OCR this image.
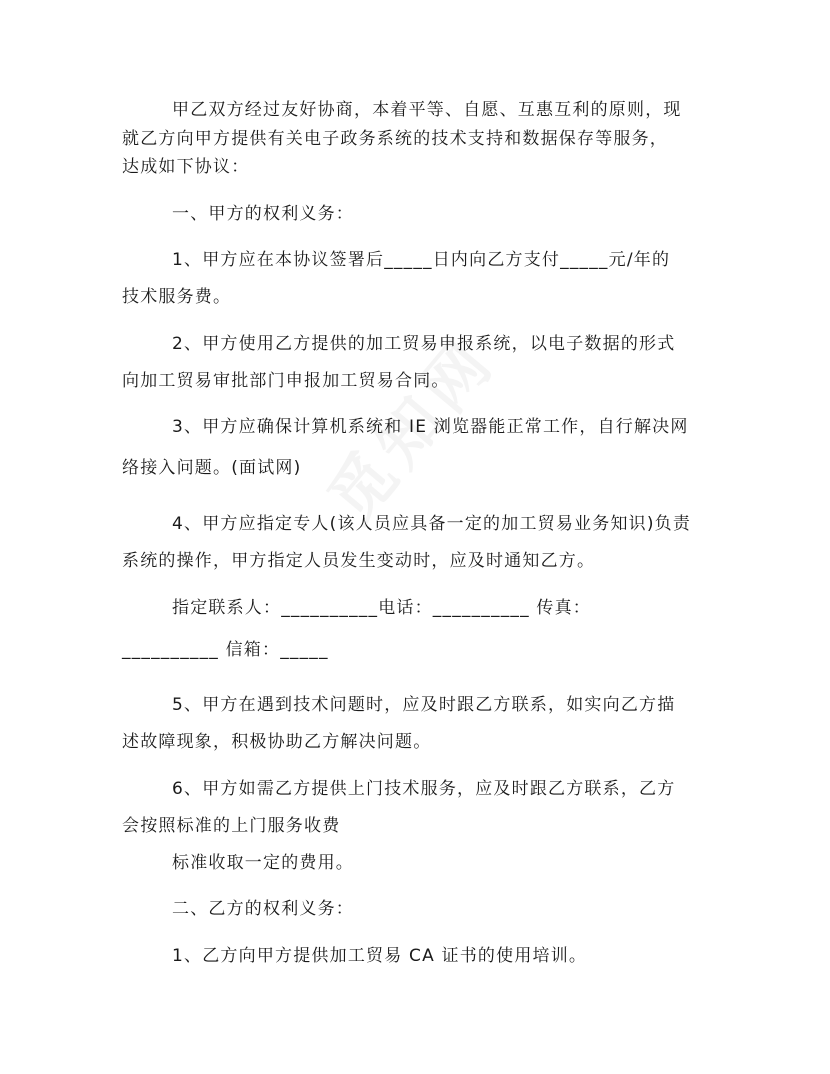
甲乙双方经过友好协商，本着平等、自愿、互惠互利的原则，现
就乙方向甲方提供有关电子政务系统的技术支持和数据保存等服务，
达成如下协议：
一、甲方的权利义务：
1、甲方应在本协议签署后_____日内向乙方支付_____元/年的
技术服务费。
2、甲方使用乙方提供的加工贸易申报系统，以电子数据的形式
向加工贸易审批部门申报加工贸易合同。
3、甲方应确保计算机系统和 IE 浏览器能正常工作，自行解决网
络接入问题。(面试网)
4、甲方应指定专人(该人员应具备一定的加工贸易业务知识)负责
系统的操作，甲方指定人员发生变动时，应及时通知乙方。
指定联系人：__________电话：__________ 传真：
__________ 信箱：_____
5、甲方在遇到技术问题时，应及时跟乙方联系，如实向乙方描
述故障现象，积极协助乙方解决问题。
6、甲方如需乙方提供上门技术服务，应及时跟乙方联系，乙方
会按照标准的上门服务收费
标准收取一定的费用。
二、乙方的权利义务：
1、乙方向甲方提供加工贸易 CA 证书的使用培训。
